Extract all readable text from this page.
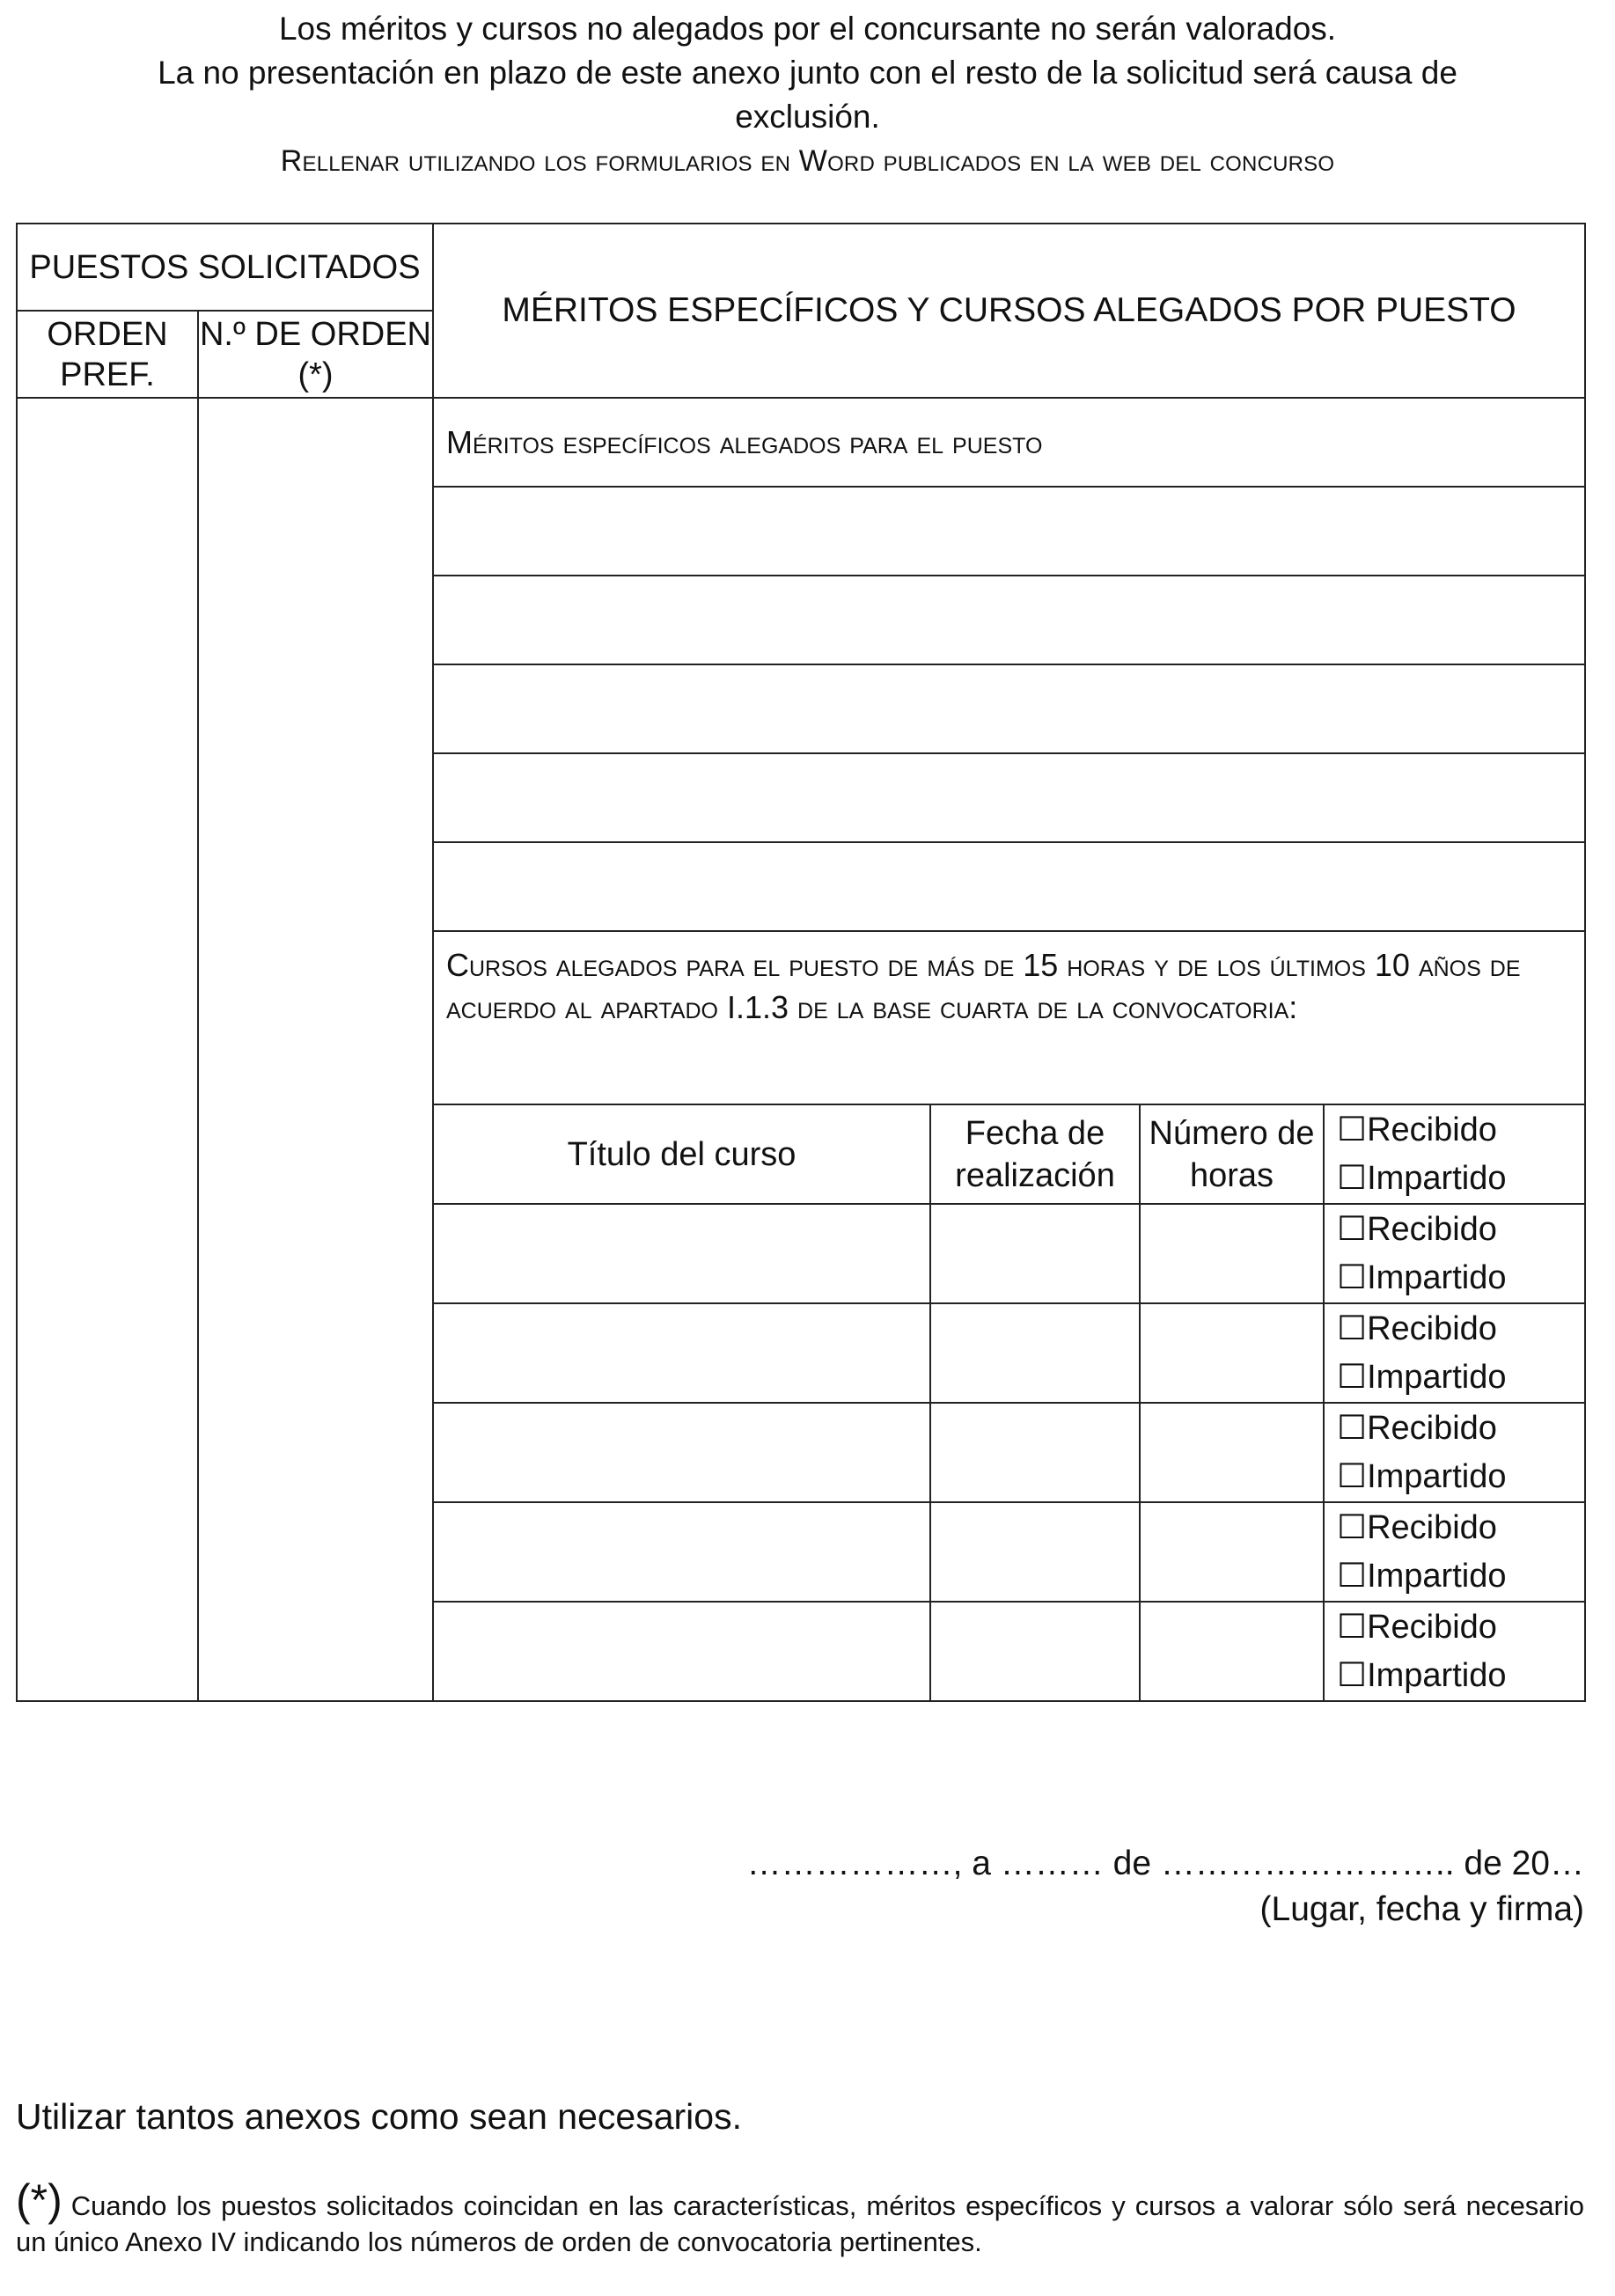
Los méritos y cursos no alegados por el concursante no serán valorados.
La no presentación en plazo de este anexo junto con el resto de la solicitud será causa de
exclusión.
Rellenar utilizando los formularios en Word publicados en la web del concurso
PUESTOS SOLICITADOS		MÉRITOS ESPECÍFICOS Y CURSOS ALEGADOS POR PUESTO			
ORDEN PREF.	N.º DE ORDEN (*)				
		Méritos específicos alegados para el puesto			

		Cursos alegados para el puesto de más de 15 horas y de los últimos 10 años de acuerdo al apartado I.1.3 de la base cuarta de la convocatoria:			
		Título del curso	Fecha de realización	Número de horas	☐Recibido
☐Impartido

					☐Recibido
☐Impartido

					☐Recibido
☐Impartido

					☐Recibido
☐Impartido

					☐Recibido
☐Impartido

					☐Recibido
☐Impartido
………………, a ……… de …………………….. de 20…
(Lugar, fecha y firma)
Utilizar tantos anexos como sean necesarios.
(*) Cuando los puestos solicitados coincidan en las características, méritos específicos y cursos a valorar sólo será necesario un único Anexo IV indicando los números de orden de convocatoria pertinentes.
